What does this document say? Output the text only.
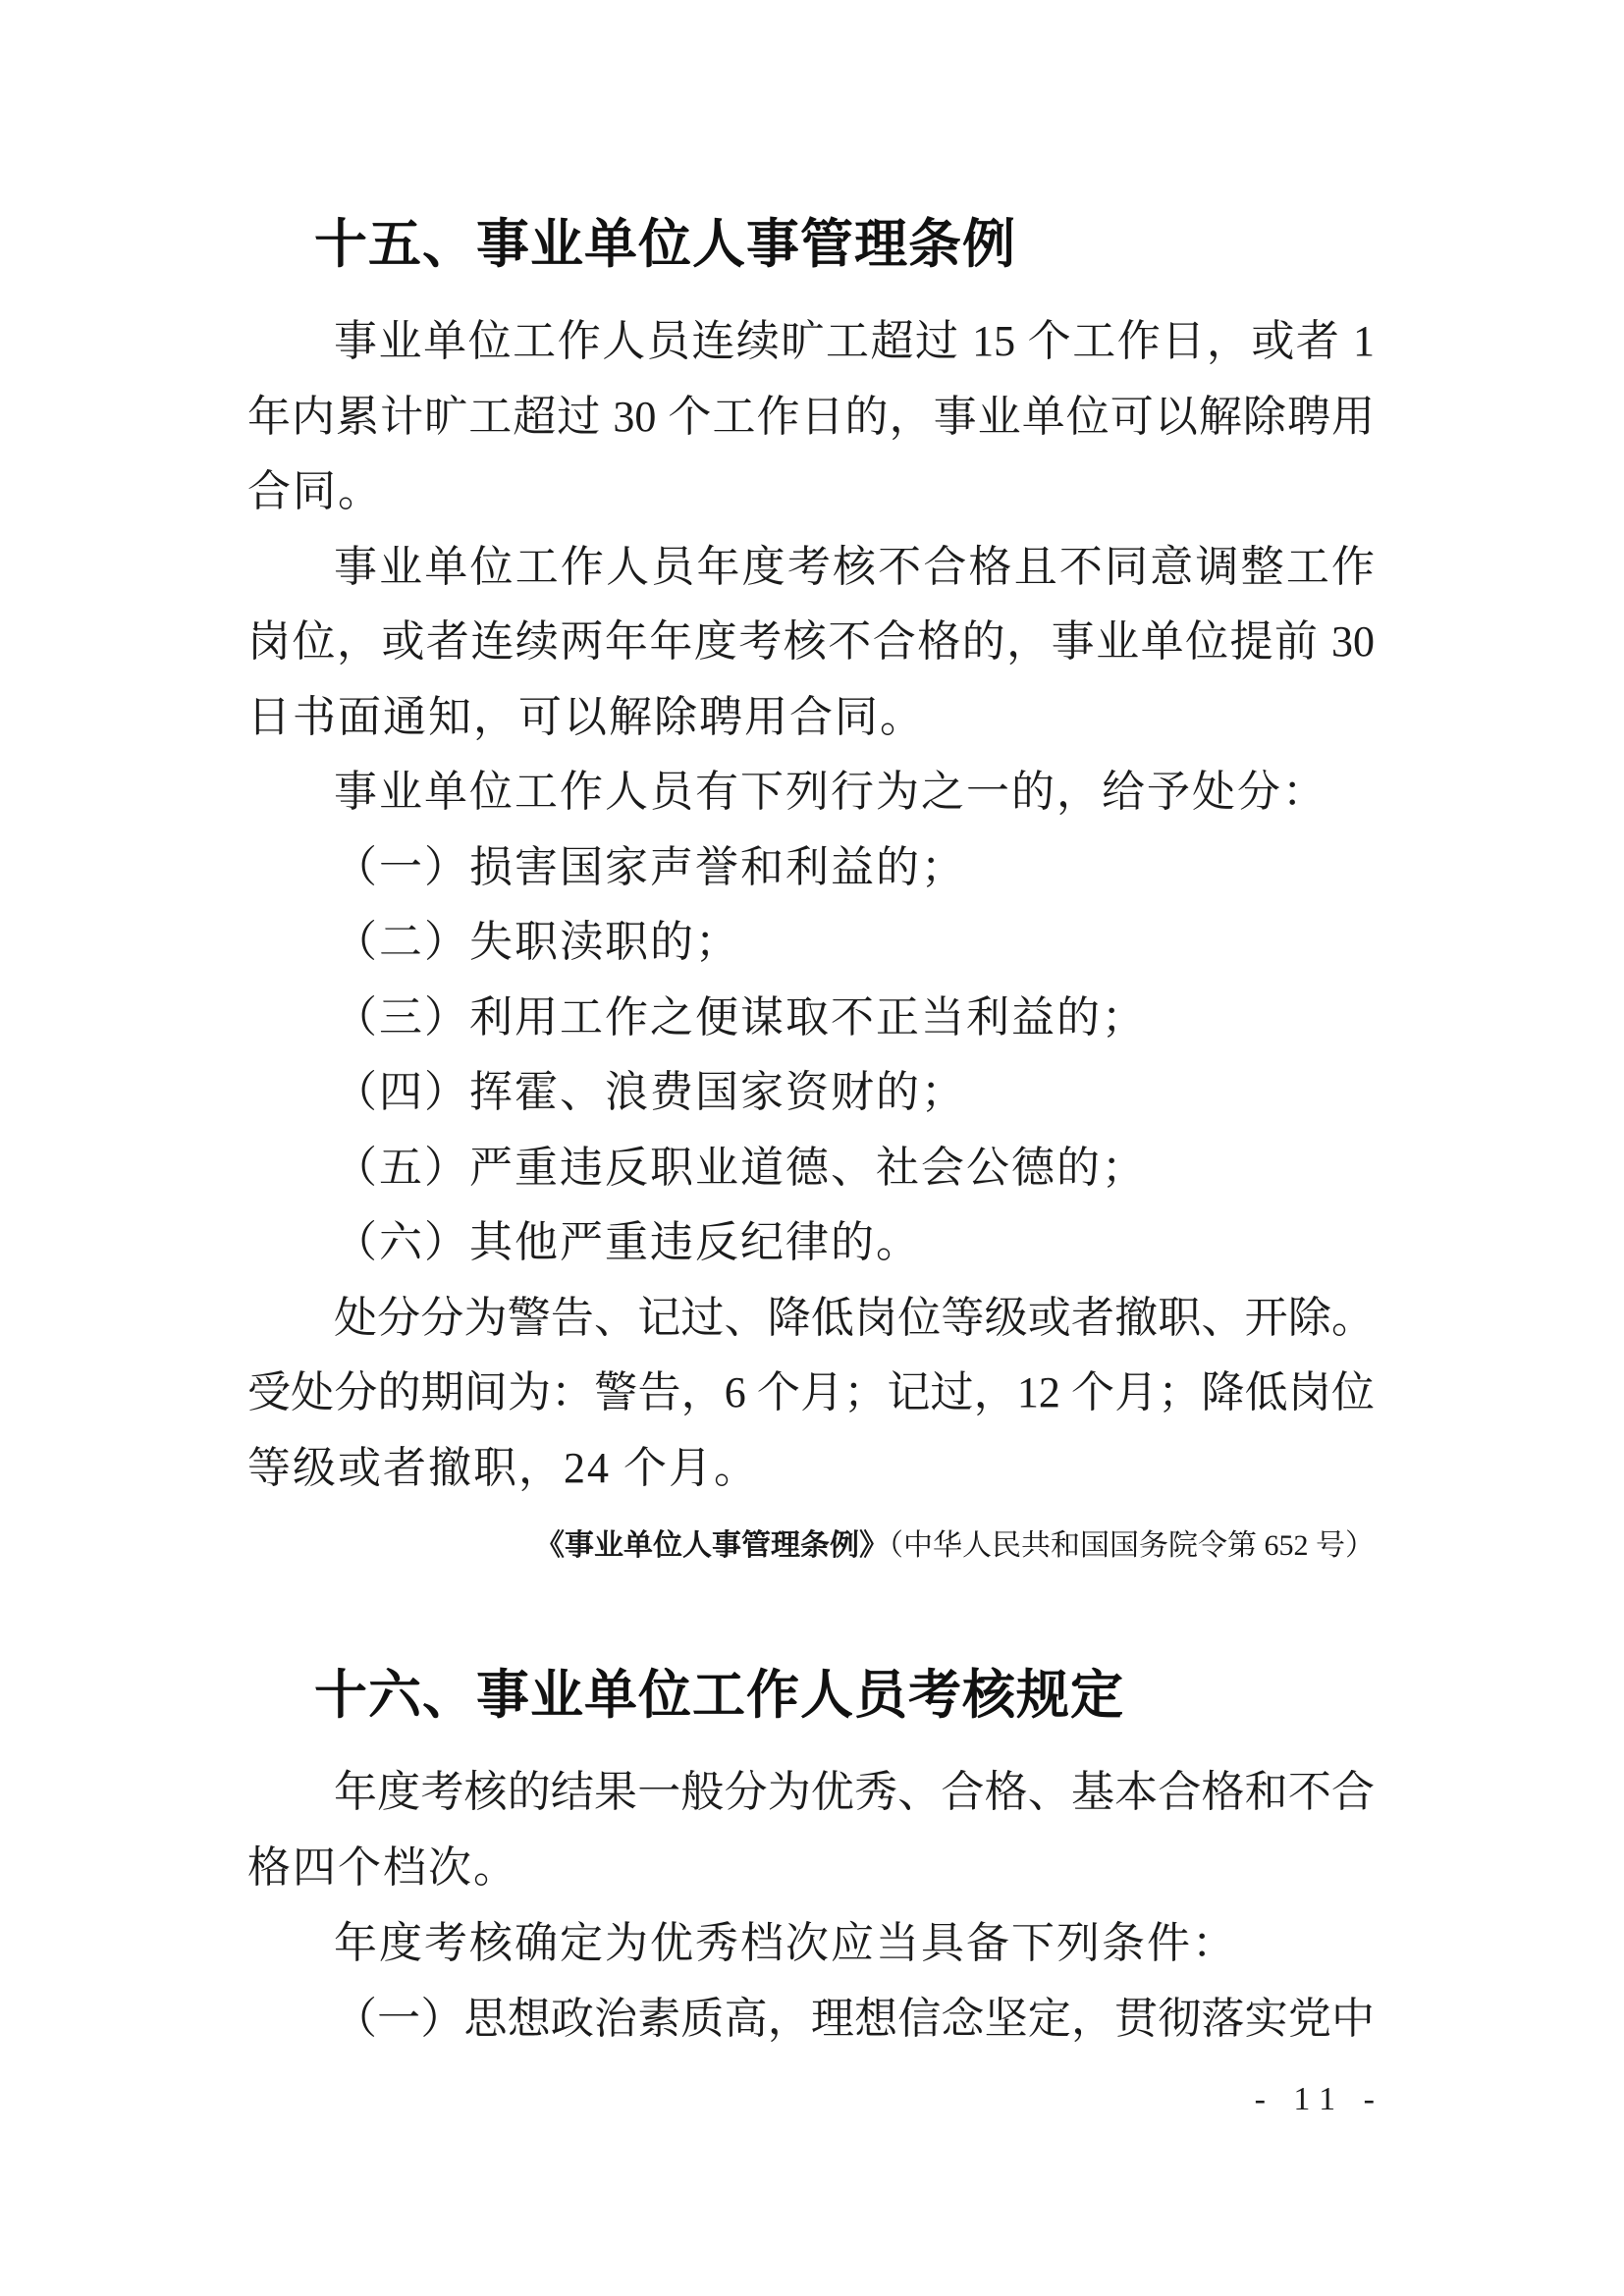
十五、事业单位人事管理条例
事业单位工作人员连续旷工超过 15 个工作日，或者 1
年内累计旷工超过 30 个工作日的，事业单位可以解除聘用
合同。
事业单位工作人员年度考核不合格且不同意调整工作
岗位，或者连续两年年度考核不合格的，事业单位提前 30
日书面通知，可以解除聘用合同。
事业单位工作人员有下列行为之一的，给予处分：
（一）损害国家声誉和利益的；
（二）失职渎职的；
（三）利用工作之便谋取不正当利益的；
（四）挥霍、浪费国家资财的；
（五）严重违反职业道德、社会公德的；
（六）其他严重违反纪律的。
处分分为警告、记过、降低岗位等级或者撤职、开除。
受处分的期间为：警告，6 个月；记过，12 个月；降低岗位
等级或者撤职，24 个月。
《事业单位人事管理条例》（中华人民共和国国务院令第 652 号）
十六、事业单位工作人员考核规定
年度考核的结果一般分为优秀、合格、基本合格和不合
格四个档次。
年度考核确定为优秀档次应当具备下列条件：
（一）思想政治素质高，理想信念坚定，贯彻落实党中
- 11 -
